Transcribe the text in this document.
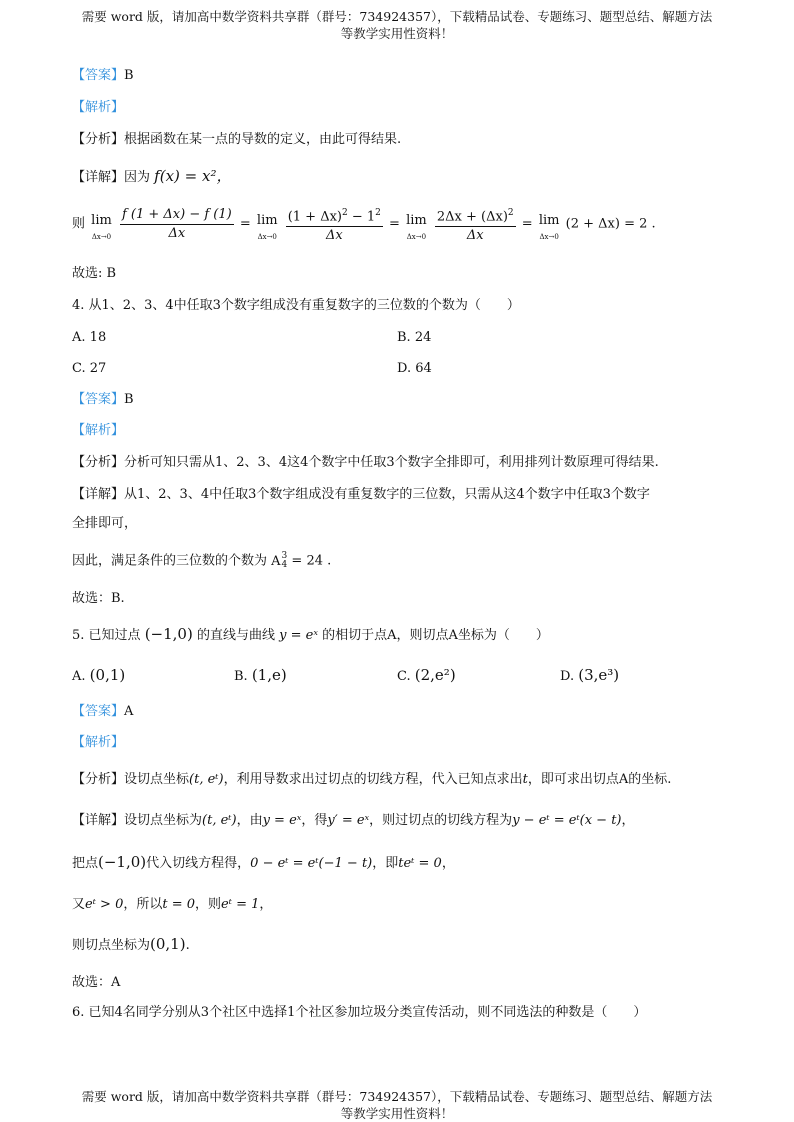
需要 word 版，请加高中数学资料共享群（群号：734924357），下载精品试卷、专题练习、题型总结、解题方法
等教学实用性资料！
【答案】B
【解析】
【分析】根据函数在某一点的导数的定义，由此可得结果.
【详解】因为 f(x) = x²，
则 lim
Δx→0
$\frac{f (1 + \Delta x) - f (1)}{\Delta x} = \lim$
Δx→0
$\frac{(1 + \Delta x)^2 - 1^2}{\Delta x} = \lim$
Δx→0
$\frac{2\Delta x + (\Delta x)^2}{\Delta x} = \lim$
Δx→0
(2 + Δx) = 2 .
故选: B
4. 从1、2、3、4中任取3个数字组成没有重复数字的三位数的个数为（　　）
A. 18	B. 24
C. 27	D. 64
【答案】B
【解析】
【分析】分析可知只需从1、2、3、4这4个数字中任取3个数字全排即可，利用排列计数原理可得结果.
【详解】从1、2、3、4中任取3个数字组成没有重复数字的三位数，只需从这4个数字中任取3个数字
全排即可，
因此，满足条件的三位数的个数为 A 3
4 = 24 .
故选：B.
5. 已知过点 (−1,0) 的直线与曲线 y = eˣ 的相切于点A，则切点A坐标为（　　）
A. (0,1)	B. (1,e)	C. (2,e²)	D. (3,e³)
【答案】A
【解析】
【分析】设切点坐标(t, eᵗ)，利用导数求出过切点的切线方程，代入已知点求出t，即可求出切点A的坐标.
【详解】设切点坐标为(t, eᵗ)，由y = eˣ，得y′ = eˣ，则过切点的切线方程为y − eᵗ = eᵗ(x − t)，
把点(−1,0)代入切线方程得，0 − eᵗ = eᵗ(−1 − t)，即teᵗ = 0，
又eᵗ > 0，所以t = 0，则eᵗ = 1，
则切点坐标为(0,1).
故选：A
6. 已知4名同学分别从3个社区中选择1个社区参加垃圾分类宣传活动，则不同选法的种数是（　　）
需要 word 版，请加高中数学资料共享群（群号：734924357），下载精品试卷、专题练习、题型总结、解题方法
等教学实用性资料！
